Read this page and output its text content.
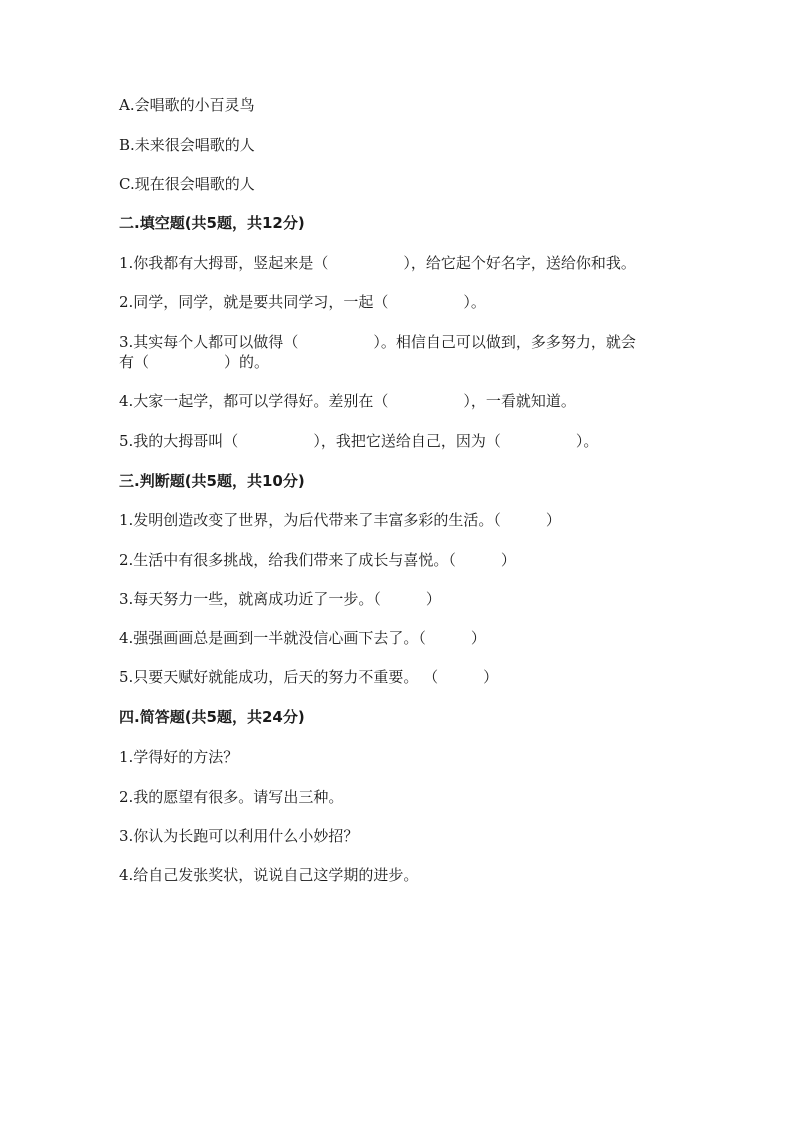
A.会唱歌的小百灵鸟
B.未来很会唱歌的人
C.现在很会唱歌的人
二.填空题(共5题，共12分)
1.你我都有大拇哥，竖起来是（　　　　　），给它起个好名字，送给你和我。
2.同学，同学，就是要共同学习，一起（　　　　　）。
3.其实每个人都可以做得（　　　　　）。相信自己可以做到，多多努力，就会
有（　　　　　）的。
4.大家一起学，都可以学得好。差别在（　　　　　），一看就知道。
5.我的大拇哥叫（　　　　　），我把它送给自己，因为（　　　　　）。
三.判断题(共5题，共10分)
1.发明创造改变了世界，为后代带来了丰富多彩的生活。（　　　）
2.生活中有很多挑战，给我们带来了成长与喜悦。（　　　）
3.每天努力一些，就离成功近了一步。（　　　）
4.强强画画总是画到一半就没信心画下去了。（　　　）
5.只要天赋好就能成功，后天的努力不重要。 （　　　）
四.简答题(共5题，共24分)
1.学得好的方法？
2.我的愿望有很多。请写出三种。
3.你认为长跑可以利用什么小妙招？
4.给自己发张奖状，说说自己这学期的进步。
